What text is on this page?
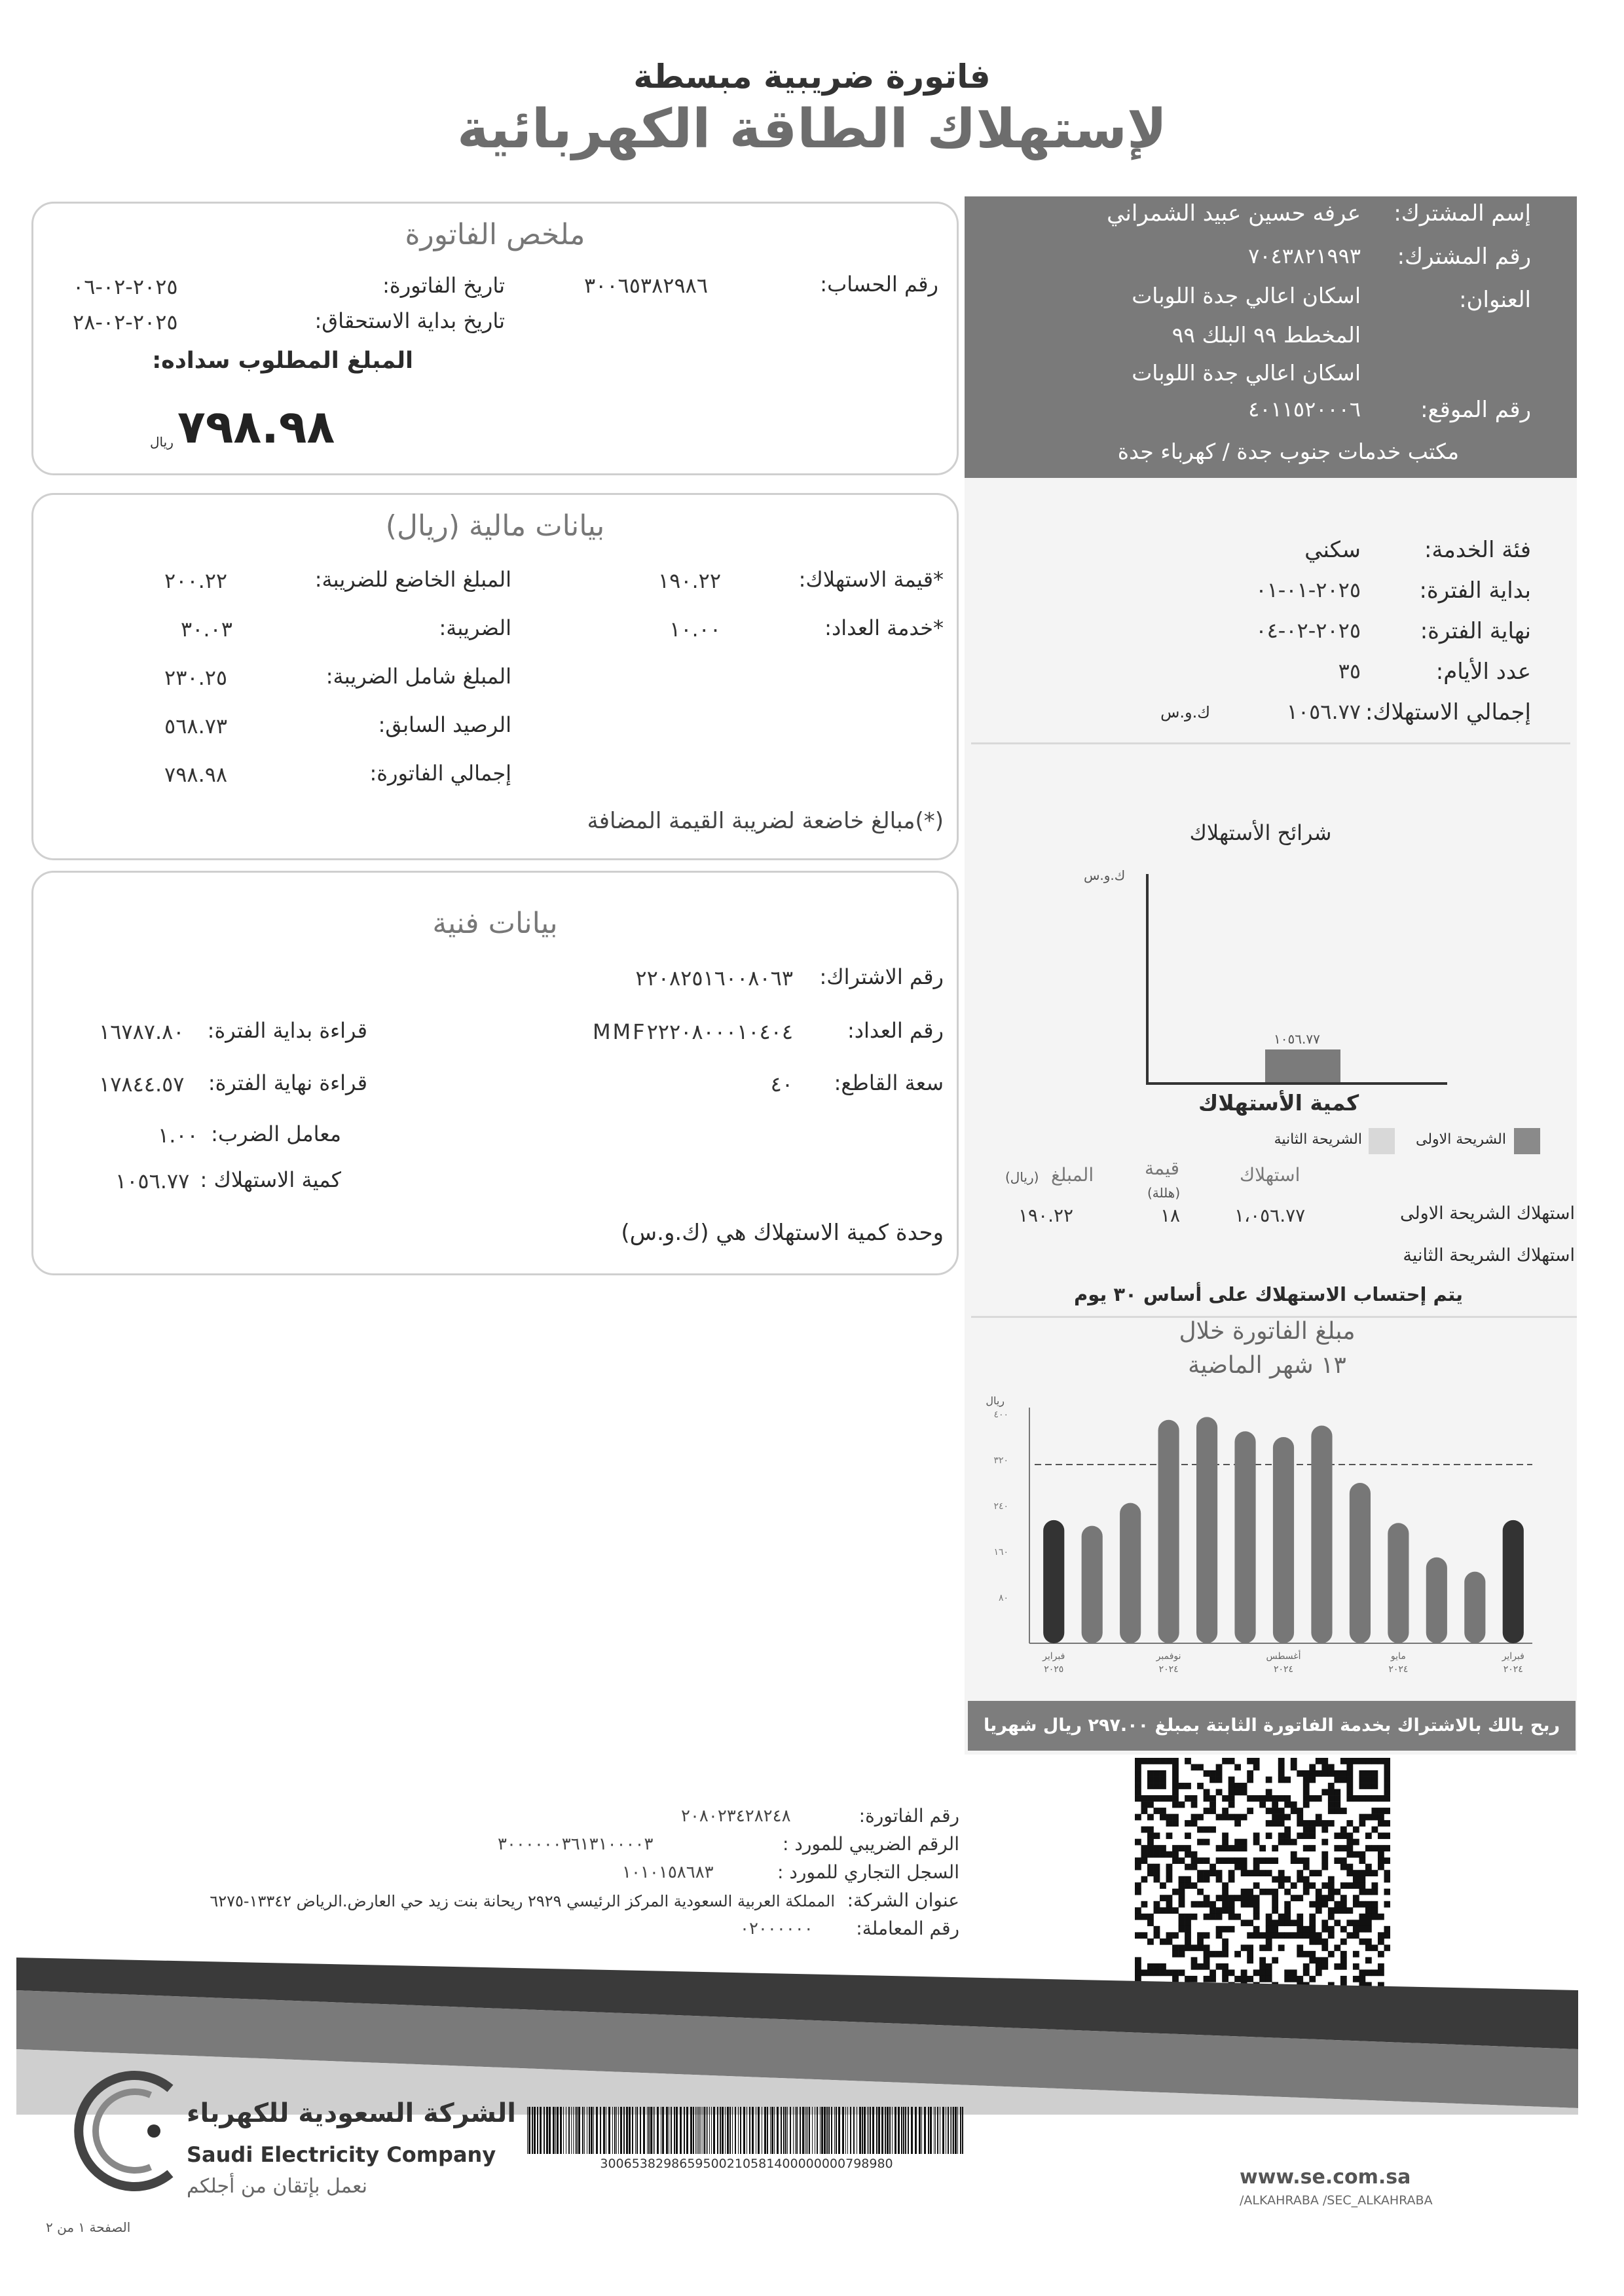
فاتورة ضريبية مبسطة
لإستهلاك الطاقة الكهربائية
إسم المشترك:
عرفه حسين عبيد الشمراني
رقم المشترك:
٧٠٤٣٨٢١٩٩٣
العنوان:
اسكان اعالي جدة اللوبات
المخطط ٩٩ البلك ٩٩
اسكان اعالي جدة اللوبات
رقم الموقع:
٤٠١١٥٢٠٠٠٦
مكتب خدمات جنوب جدة / كهرباء جدة
فئة الخدمة:
سكني
بداية الفترة:
٢٠٢٥-٠١-٠١
نهاية الفترة:
٢٠٢٥-٠٢-٠٤
عدد الأيام:
٣٥
إجمالي الاستهلاك:
١٠٥٦.٧٧
ك.و.س
شرائح الأستهلاك
ك.و.س
١٠٥٦.٧٧
كمية الأستهلاك
الشريحة الاولى
الشريحة الثانية
استهلاك
قيمة
(هللة)
المبلغ
(ريال)
استهلاك الشريحة الاولى
١،٠٥٦.٧٧
١٨
١٩٠.٢٢
استهلاك الشريحة الثانية
يتم إحتساب الاستهلاك على أساس ٣٠ يوم
مبلغ الفاتورة خلال
١٣ شهر الماضية
ريال
٨٠
١٦٠
٢٤٠
٣٢٠
٤٠٠
فبراير
٢٠٢٤
مايو
٢٠٢٤
أغسطس
٢٠٢٤
نوفمبر
٢٠٢٤
فبراير
٢٠٢٥
ربح بالك بالاشتراك بخدمة الفاتورة الثابتة بمبلغ ٢٩٧.٠٠ ريال شهريا
ملخص الفاتورة
رقم الحساب:
٣٠٠٦٥٣٨٢٩٨٦
تاريخ الفاتورة:
٢٠٢٥-٠٢-٠٦
تاريخ بداية الاستحقاق:
٢٠٢٥-٠٢-٢٨
المبلغ المطلوب سداده:
٧٩٨.٩٨
ريال
بيانات مالية (ريال)
*قيمة الاستهلاك:
١٩٠.٢٢
*خدمة العداد:
١٠.٠٠
المبلغ الخاضع للضريبة:
٢٠٠.٢٢
الضريبة:
٣٠.٠٣
المبلغ شامل الضريبة:
٢٣٠.٢٥
الرصيد السابق:
٥٦٨.٧٣
إجمالي الفاتورة:
٧٩٨.٩٨
(*)مبالغ خاضعة لضريبة القيمة المضافة
بيانات فنية
رقم الاشتراك:
٢٢٠٨٢٥١٦٠٠٨٠٦٣
رقم العداد:
MMF٢٢٢٠٨٠٠٠١٠٤٠٤
سعة القاطع:
٤٠
قراءة بداية الفترة:
١٦٧٨٧.٨٠
قراءة نهاية الفترة:
١٧٨٤٤.٥٧
معامل الضرب:
١.٠٠
كمية الاستهلاك :
١٠٥٦.٧٧
وحدة كمية الاستهلاك هي (ك.و.س)
رقم الفاتورة:
٢٠٨٠٢٣٤٢٨٢٤٨
الرقم الضريبي للمورد :
٣٠٠٠٠٠٠٣٦١٣١٠٠٠٠٣
السجل التجاري للمورد :
١٠١٠١٥٨٦٨٣
عنوان الشركة:
المملكة العربية السعودية المركز الرئيسي ٢٩٢٩ ريحانة بنت زيد حي العارض.الرياض ١٣٣٤٢-٦٢٧٥
رقم المعاملة:
٠٢٠٠٠٠٠٠
الشركة السعودية للكهرباء
Saudi Electricity Company
نعمل بإتقان من أجلكم
الصفحة ١ من ٢
3006538298659500210581400000000798980
www.se.com.sa
/ALKAHRABA /SEC_ALKAHRABA
